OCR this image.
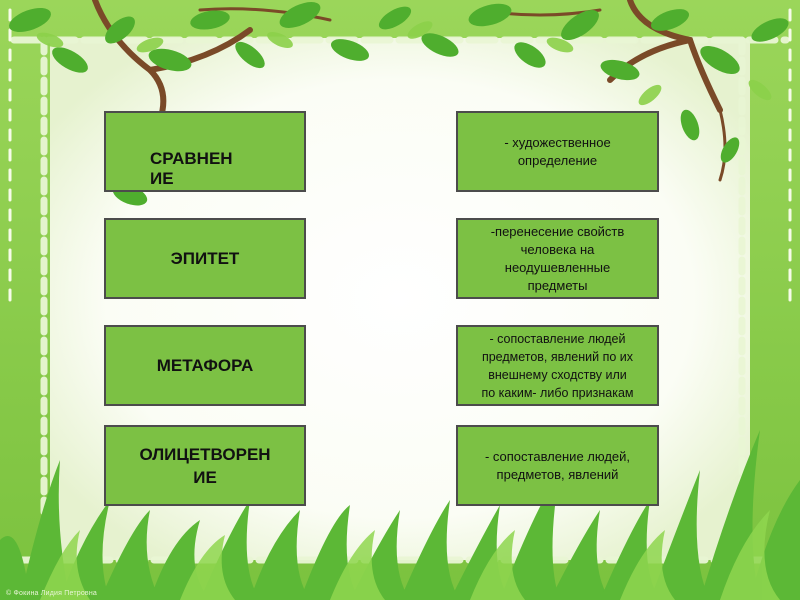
СРАВНЕН
ИЕ
ЭПИТЕТ
МЕТАФОРА
ОЛИЦЕТВОРЕН
ИЕ
- художественное
определение
-перенесение свойств
человека на
неодушевленные
предметы
- сопоставление людей
предметов, явлений по их
внешнему сходству или
по каким- либо признакам
- сопоставление людей,
предметов, явлений
© Фокина Лидия Петровна
